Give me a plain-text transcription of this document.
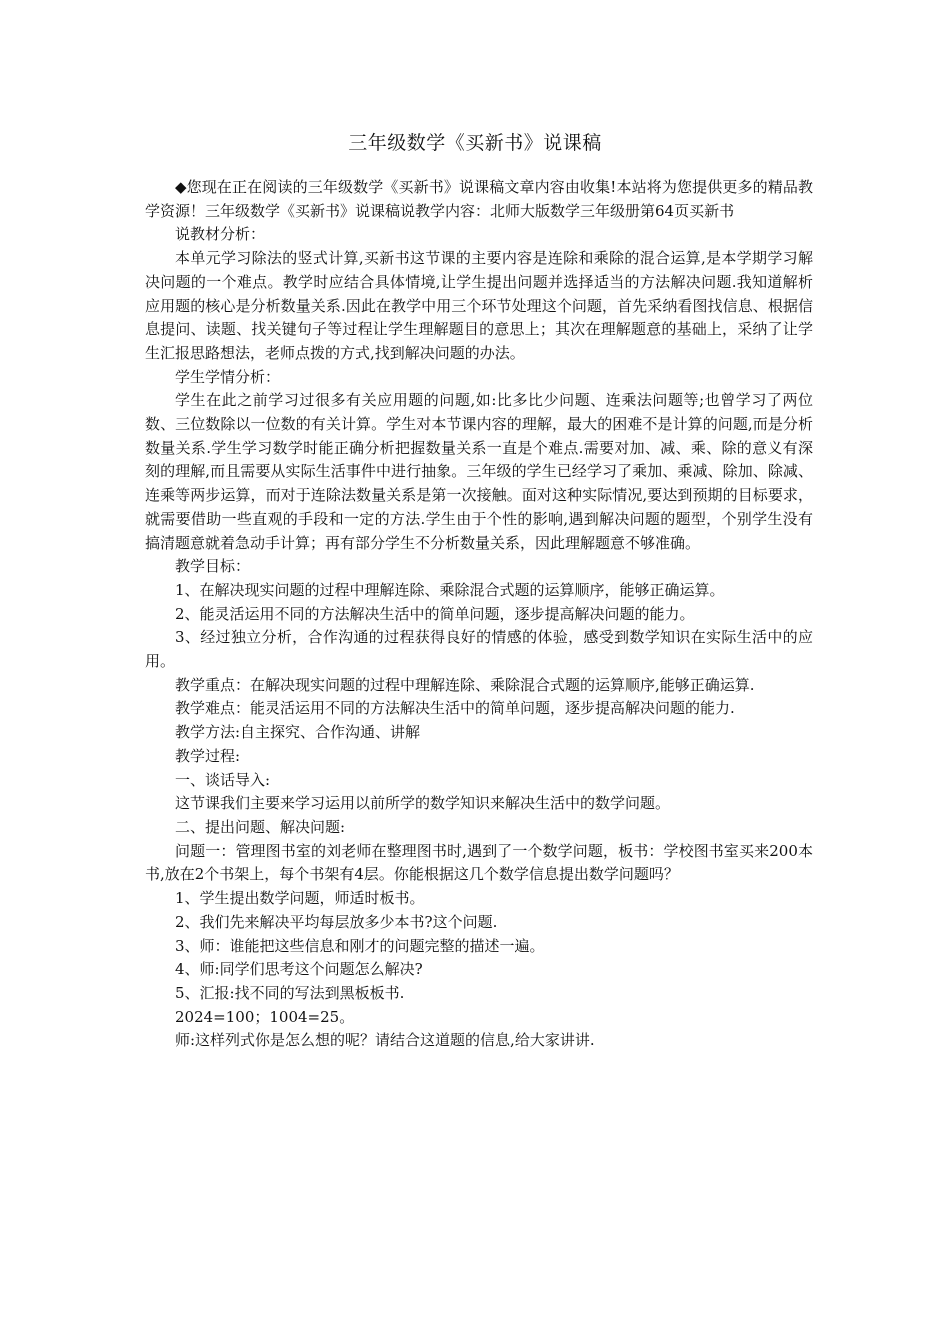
三年级数学《买新书》说课稿

◆您现在正在阅读的三年级数学《买新书》说课稿文章内容由收集!本站将为您提供更多的精品教学资源！三年级数学《买新书》说课稿说教学内容：北师大版数学三年级册第64页买新书

说教材分析：

本单元学习除法的竖式计算,买新书这节课的主要内容是连除和乘除的混合运算,是本学期学习解决问题的一个难点。教学时应结合具体情境,让学生提出问题并选择适当的方法解决问题.我知道解析应用题的核心是分析数量关系.因此在教学中用三个环节处理这个问题，首先采纳看图找信息、根据信息提问、读题、找关键句子等过程让学生理解题目的意思上；其次在理解题意的基础上，采纳了让学生汇报思路想法，老师点拨的方式,找到解决问题的办法。

学生学情分析：

学生在此之前学习过很多有关应用题的问题,如:比多比少问题、连乘法问题等;也曾学习了两位数、三位数除以一位数的有关计算。学生对本节课内容的理解，最大的困难不是计算的问题,而是分析数量关系.学生学习数学时能正确分析把握数量关系一直是个难点.需要对加、减、乘、除的意义有深刻的理解,而且需要从实际生活事件中进行抽象。三年级的学生已经学习了乘加、乘减、除加、除减、连乘等两步运算，而对于连除法数量关系是第一次接触。面对这种实际情况,要达到预期的目标要求，就需要借助一些直观的手段和一定的方法.学生由于个性的影响,遇到解决问题的题型，个别学生没有搞清题意就着急动手计算；再有部分学生不分析数量关系，因此理解题意不够准确。

教学目标：

1、在解决现实问题的过程中理解连除、乘除混合式题的运算顺序，能够正确运算。

2、能灵活运用不同的方法解决生活中的简单问题，逐步提高解决问题的能力。

3、经过独立分析，合作沟通的过程获得良好的情感的体验，感受到数学知识在实际生活中的应用。

教学重点：在解决现实问题的过程中理解连除、乘除混合式题的运算顺序,能够正确运算.

教学难点：能灵活运用不同的方法解决生活中的简单问题，逐步提高解决问题的能力.

教学方法:自主探究、合作沟通、讲解

教学过程:

一、谈话导入:

这节课我们主要来学习运用以前所学的数学知识来解决生活中的数学问题。

二、提出问题、解决问题:

问题一：管理图书室的刘老师在整理图书时,遇到了一个数学问题，板书：学校图书室买来200本书,放在2个书架上，每个书架有4层。你能根据这几个数学信息提出数学问题吗？

1、学生提出数学问题，师适时板书。

2、我们先来解决平均每层放多少本书?这个问题.

3、师：谁能把这些信息和刚才的问题完整的描述一遍。

4、师:同学们思考这个问题怎么解决?

5、汇报:找不同的写法到黑板板书.

2024=100；1004=25。

师:这样列式你是怎么想的呢？请结合这道题的信息,给大家讲讲.
